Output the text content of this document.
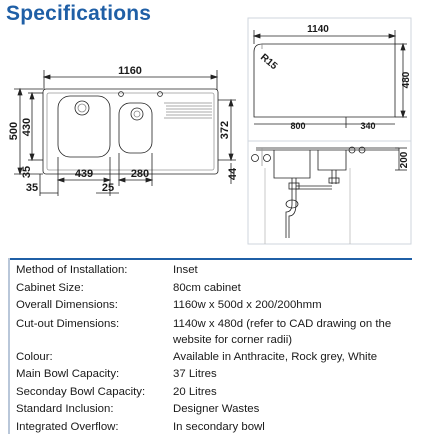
Specifications
1160
500 430	372
35	439	280
35	25
44
1140
480
R15
800	340
200
Method of Installation:	Inset
Cabinet Size:	80cm cabinet
Overall Dimensions:	1160w x 500d x 200/200hmm
Cut-out Dimensions:	1140w x 480d (refer to CAD drawing on the website for corner radii)
Colour:	Available in Anthracite, Rock grey, White
Main Bowl Capacity:	37 Litres
Seconday Bowl Capacity:	20 Litres
Standard Inclusion:	Designer Wastes
Integrated Overflow:	In secondary bowl
